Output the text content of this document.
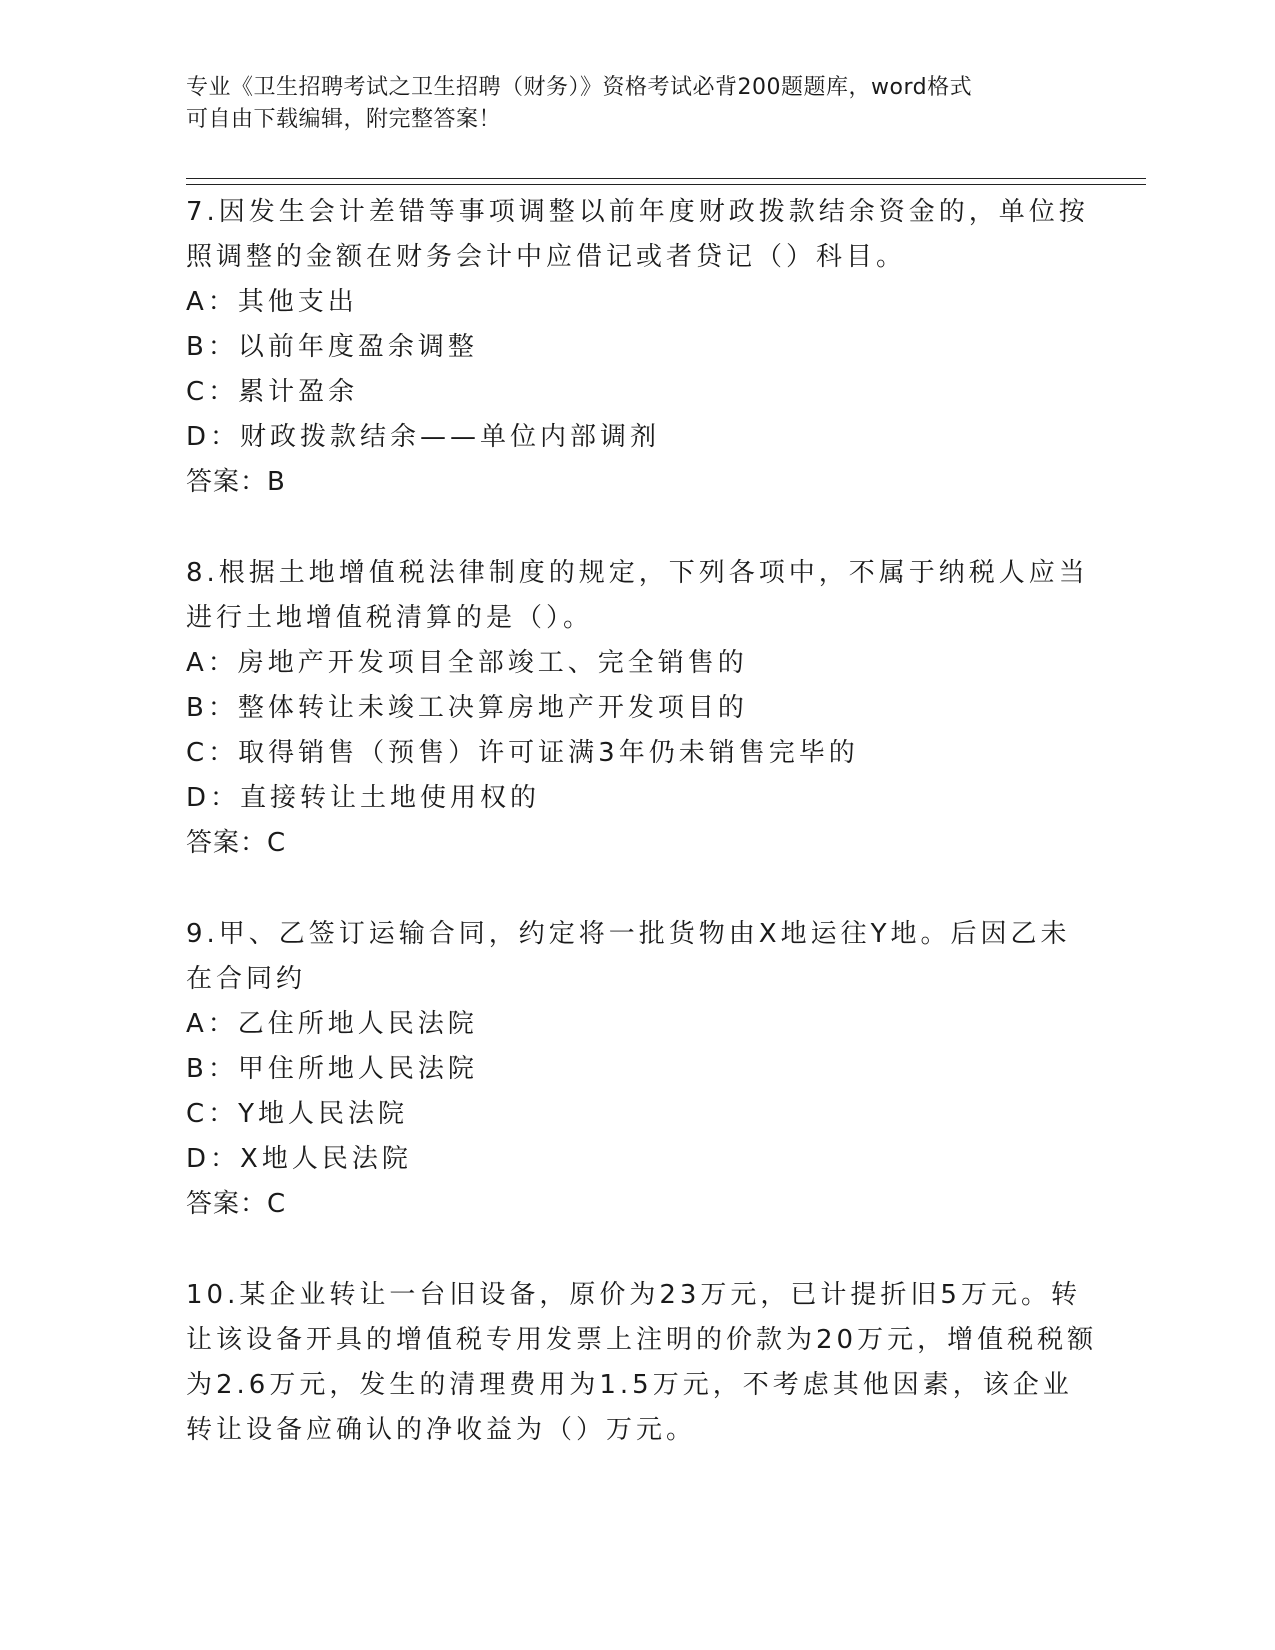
专业《卫生招聘考试之卫生招聘（财务）》资格考试必背200题题库，word格式
可自由下载编辑，附完整答案！
7.因发生会计差错等事项调整以前年度财政拨款结余资金的，单位按
照调整的金额在财务会计中应借记或者贷记（）科目。
A：其他支出
B：以前年度盈余调整
C：累计盈余
D：财政拨款结余——单位内部调剂
答案：B
8.根据土地增值税法律制度的规定，下列各项中，不属于纳税人应当
进行土地增值税清算的是（）。
A：房地产开发项目全部竣工、完全销售的
B：整体转让未竣工决算房地产开发项目的
C：取得销售（预售）许可证满3年仍未销售完毕的
D：直接转让土地使用权的
答案：C
9.甲、乙签订运输合同，约定将一批货物由X地运往Y地。后因乙未
在合同约
A：乙住所地人民法院
B：甲住所地人民法院
C：Y地人民法院
D：X地人民法院
答案：C
10.某企业转让一台旧设备，原价为23万元，已计提折旧5万元。转
让该设备开具的增值税专用发票上注明的价款为20万元，增值税税额
为2.6万元，发生的清理费用为1.5万元，不考虑其他因素，该企业
转让设备应确认的净收益为（）万元。
